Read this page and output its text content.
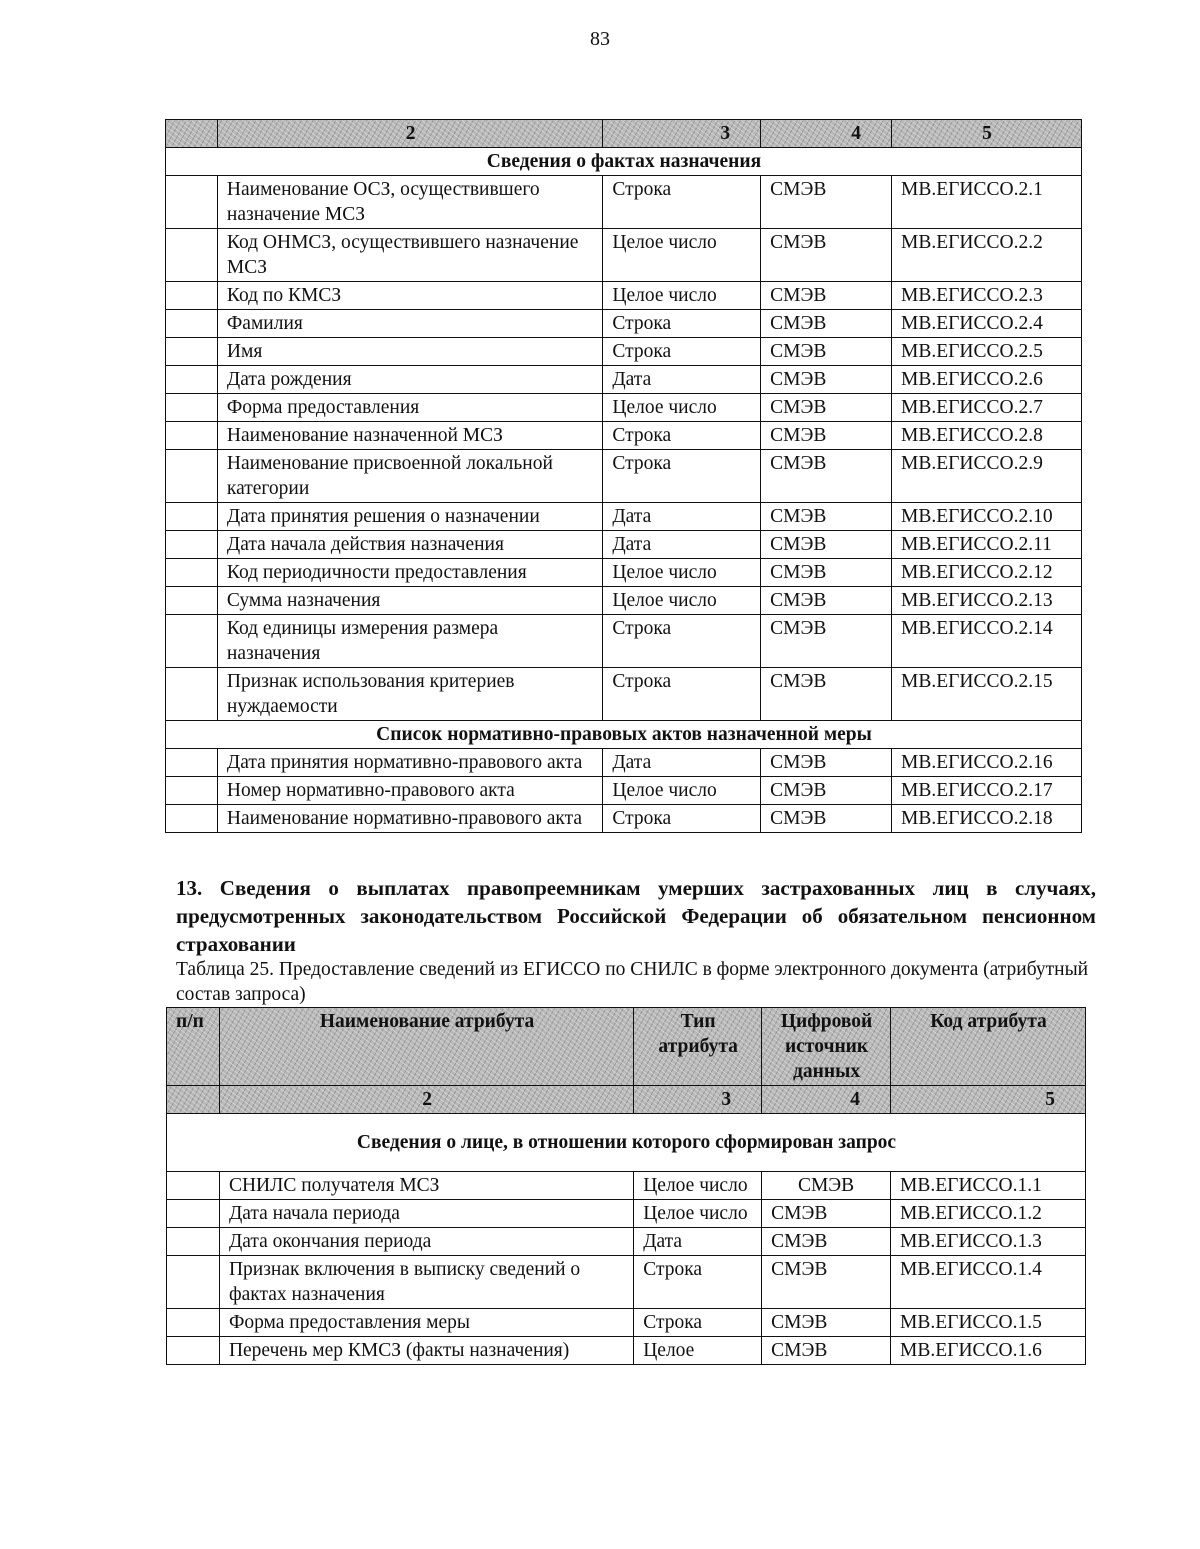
83
	2	3	4	5
Сведения о фактах назначения				
	Наименование ОСЗ, осуществившего назначение МСЗ	Строка	СМЭВ	МВ.ЕГИССО.2.1
	Код ОНМСЗ, осуществившего назначение МСЗ	Целое число	СМЭВ	МВ.ЕГИССО.2.2
	Код по КМСЗ	Целое число	СМЭВ	МВ.ЕГИССО.2.3
	Фамилия	Строка	СМЭВ	МВ.ЕГИССО.2.4
	Имя	Строка	СМЭВ	МВ.ЕГИССО.2.5
	Дата рождения	Дата	СМЭВ	МВ.ЕГИССО.2.6
	Форма предоставления	Целое число	СМЭВ	МВ.ЕГИССО.2.7
	Наименование назначенной МСЗ	Строка	СМЭВ	МВ.ЕГИССО.2.8
	Наименование присвоенной локальной категории	Строка	СМЭВ	МВ.ЕГИССО.2.9
	Дата принятия решения о назначении	Дата	СМЭВ	МВ.ЕГИССО.2.10
	Дата начала действия назначения	Дата	СМЭВ	МВ.ЕГИССО.2.11
	Код периодичности предоставления	Целое число	СМЭВ	МВ.ЕГИССО.2.12
	Сумма назначения	Целое число	СМЭВ	МВ.ЕГИССО.2.13
	Код единицы измерения размера назначения	Строка	СМЭВ	МВ.ЕГИССО.2.14
	Признак использования критериев нуждаемости	Строка	СМЭВ	МВ.ЕГИССО.2.15
Список нормативно-правовых актов назначенной меры				
	Дата принятия нормативно-правового акта	Дата	СМЭВ	МВ.ЕГИССО.2.16
	Номер нормативно-правового акта	Целое число	СМЭВ	МВ.ЕГИССО.2.17
	Наименование нормативно-правового акта	Строка	СМЭВ	МВ.ЕГИССО.2.18
13. Сведения о выплатах правопреемникам умерших застрахованных лиц в случаях, предусмотренных законодательством Российской Федерации об обязательном пенсионном страховании
Таблица 25. Предоставление сведений из ЕГИССО по СНИЛС в форме электронного документа (атрибутный состав запроса)
п/п	Наименование атрибута	Тип атрибута	Цифровой источник данных	Код атрибута
	2	3	4	5
Сведения о лице, в отношении которого сформирован запрос				
	СНИЛС получателя МСЗ	Целое число	СМЭВ	МВ.ЕГИССО.1.1
	Дата начала периода	Целое число	СМЭВ	МВ.ЕГИССО.1.2
	Дата окончания периода	Дата	СМЭВ	МВ.ЕГИССО.1.3
	Признак включения в выписку сведений о фактах назначения	Строка	СМЭВ	МВ.ЕГИССО.1.4
	Форма предоставления меры	Строка	СМЭВ	МВ.ЕГИССО.1.5
	Перечень мер КМСЗ (факты назначения)	Целое	СМЭВ	МВ.ЕГИССО.1.6
